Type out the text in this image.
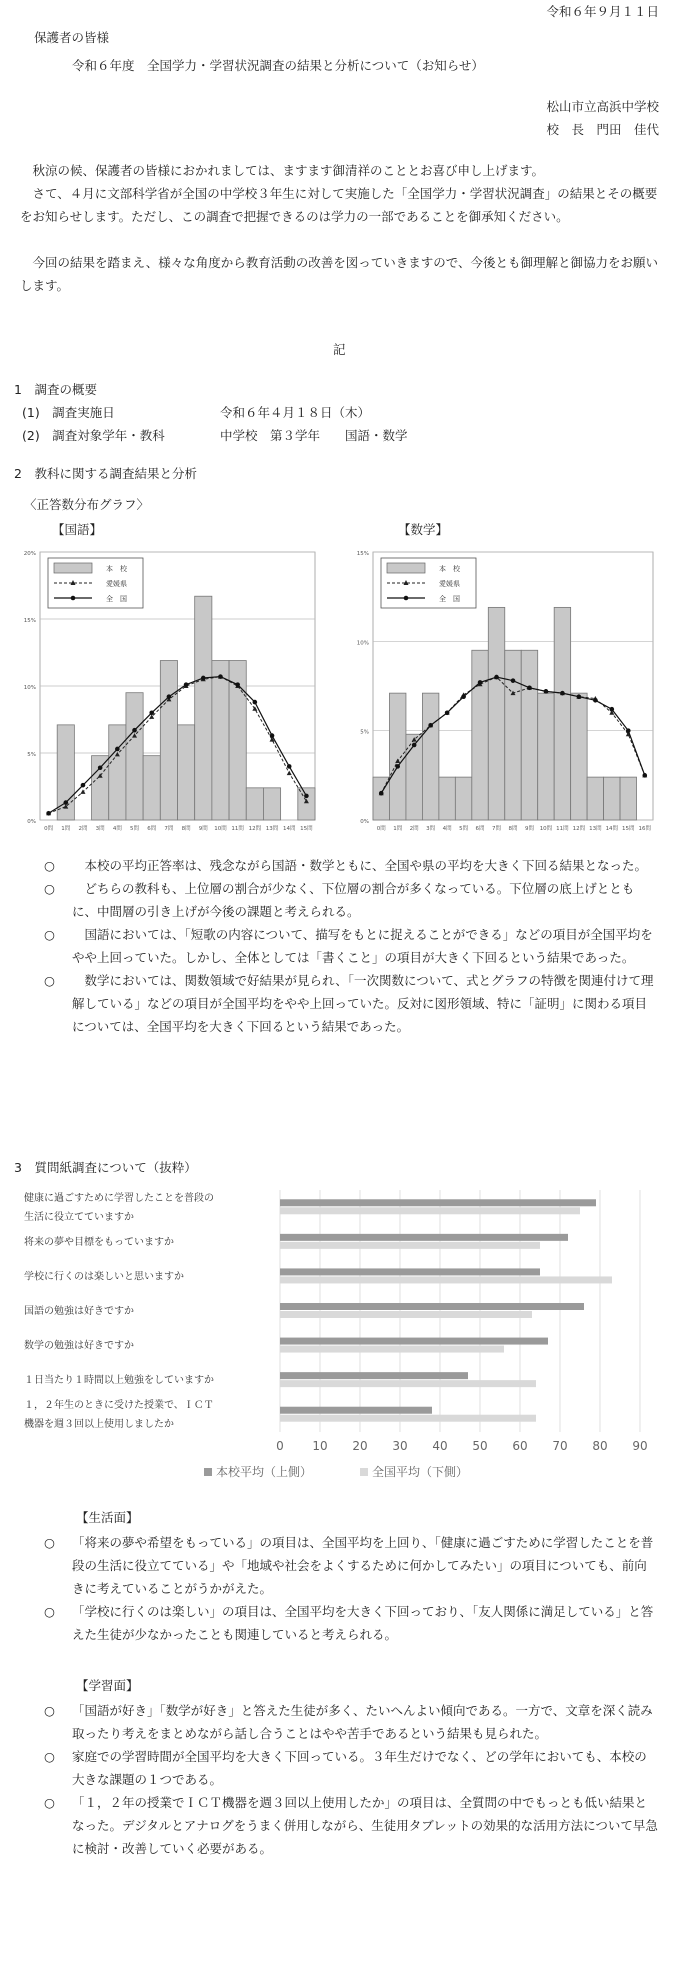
令和６年９月１１日
保護者の皆様
令和６年度　全国学力・学習状況調査の結果と分析について（お知らせ）
松山市立高浜中学校
校　長　門田　佳代
　秋涼の候、保護者の皆様におかれましては、ますます御清祥のこととお喜び申し上げます。
　さて、４月に文部科学省が全国の中学校３年生に対して実施した「全国学力・学習状況調査」の結果とその概要をお知らせします。ただし、この調査で把握できるのは学力の一部であることを御承知ください。
　今回の結果を踏まえ、様々な角度から教育活動の改善を図っていきますので、今後とも御理解と御協力をお願いします。
記
1　調査の概要
(1)　調査実施日	令和６年４月１８日（木）
(2)　調査対象学年・教科	中学校　第３学年　　国語・数学
2　教科に関する調査結果と分析
〈正答数分布グラフ〉
【国語】	【数学】
0%
5%
10%
15%
20%
0問 1問 2問 3問 4問 5問 6問 7問 8問 9問 10問 11問 12問 13問 14問 15問
本　校
愛媛県
全　国
0%
5%
10%
15%
0問 1問 2問 3問 4問 5問 6問 7問 8問 9問 10問 11問 12問 13問 14問 15問 16問
本　校
愛媛県
全　国
○ 　本校の平均正答率は、残念ながら国語・数学ともに、全国や県の平均を大きく下回る結果となった。
○ 　どちらの教科も、上位層の割合が少なく、下位層の割合が多くなっている。下位層の底上げとともに、中間層の引き上げが今後の課題と考えられる。
○ 　国語においては、「短歌の内容について、描写をもとに捉えることができる」などの項目が全国平均をやや上回っていた。しかし、全体としては「書くこと」の項目が大きく下回るという結果であった。
○ 　数学においては、関数領域で好結果が見られ、「一次関数について、式とグラフの特徴を関連付けて理解している」などの項目が全国平均をやや上回っていた。反対に図形領域、特に「証明」に関わる項目については、全国平均を大きく下回るという結果であった。
3　質問紙調査について（抜粋）
0 10 20 30 40 50 60 70 80 90
健康に過ごすために学習したことを普段の
生活に役立てていますか
将来の夢や目標をもっていますか
学校に行くのは楽しいと思いますか
国語の勉強は好きですか
数学の勉強は好きですか
１日当たり１時間以上勉強をしていますか
１，２年生のときに受けた授業で、ＩＣＴ
機器を週３回以上使用しましたか
本校平均（上側）	全国平均（下側）
【生活面】
○ 「将来の夢や希望をもっている」の項目は、全国平均を上回り、「健康に過ごすために学習したことを普段の生活に役立てている」や「地域や社会をよくするために何かしてみたい」の項目についても、前向きに考えていることがうかがえた。
○ 「学校に行くのは楽しい」の項目は、全国平均を大きく下回っており、「友人関係に満足している」と答えた生徒が少なかったことも関連していると考えられる。
【学習面】
○ 「国語が好き」「数学が好き」と答えた生徒が多く、たいへんよい傾向である。一方で、文章を深く読み取ったり考えをまとめながら話し合うことはやや苦手であるという結果も見られた。
○ 家庭での学習時間が全国平均を大きく下回っている。３年生だけでなく、どの学年においても、本校の大きな課題の１つである。
○ 「１，２年の授業でＩＣＴ機器を週３回以上使用したか」の項目は、全質問の中でもっとも低い結果となった。デジタルとアナログをうまく併用しながら、生徒用タブレットの効果的な活用方法について早急に検討・改善していく必要がある。
